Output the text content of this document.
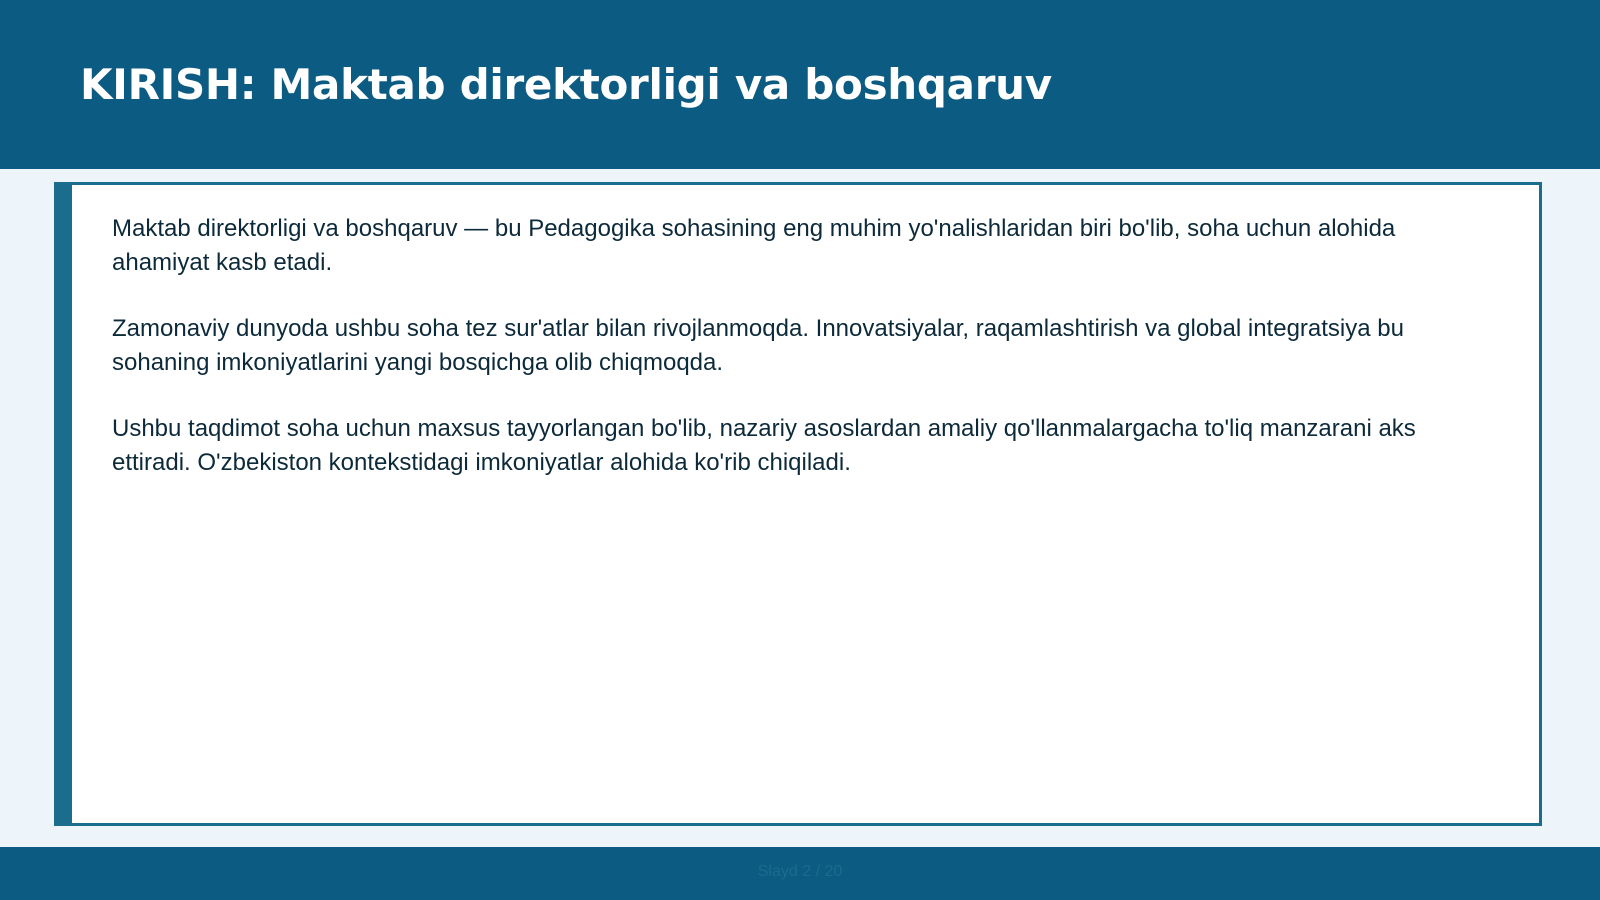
KIRISH: Maktab direktorligi va boshqaruv

Maktab direktorligi va boshqaruv — bu Pedagogika sohasining eng muhim yo'nalishlaridan biri bo'lib, soha uchun alohida ahamiyat kasb etadi.

Zamonaviy dunyoda ushbu soha tez sur'atlar bilan rivojlanmoqda. Innovatsiyalar, raqamlashtirish va global integratsiya bu sohaning imkoniyatlarini yangi bosqichga olib chiqmoqda.

Ushbu taqdimot soha uchun maxsus tayyorlangan bo'lib, nazariy asoslardan amaliy qo'llanmalargacha to'liq manzarani aks ettiradi. O'zbekiston kontekstidagi imkoniyatlar alohida ko'rib chiqiladi.

Slayd 2 / 20
